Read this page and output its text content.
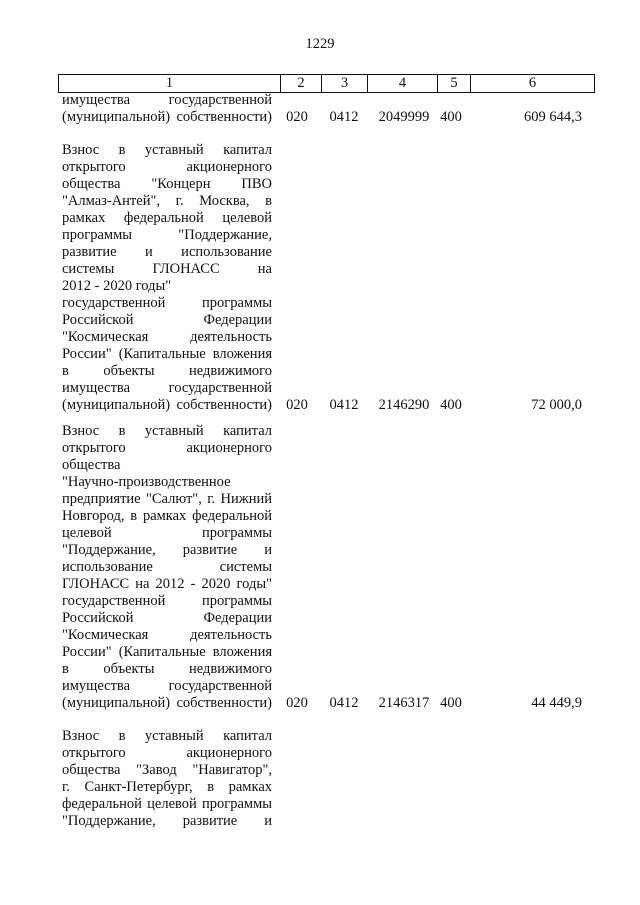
1229
1	2	3	4	5	6
имущества государственной
(муниципальной) собственности) 020	0412	2049999 400	609 644,3
Взнос в уставный капитал
открытого акционерного
общества "Концерн ПВО
"Алмаз-Антей", г. Москва, в
рамках федеральной целевой
программы "Поддержание,
развитие и использование
системы ГЛОНАСС на
2012 - 2020 годы"
государственной программы
Российской Федерации
"Космическая деятельность
России" (Капитальные вложения
в объекты недвижимого
имущества государственной
(муниципальной) собственности) 020	0412	2146290 400	72 000,0
Взнос в уставный капитал
открытого акционерного
общества
"Научно-производственное
предприятие "Салют", г. Нижний
Новгород, в рамках федеральной
целевой программы
"Поддержание, развитие и
использование системы
ГЛОНАСС на 2012 - 2020 годы"
государственной программы
Российской Федерации
"Космическая деятельность
России" (Капитальные вложения
в объекты недвижимого
имущества государственной
(муниципальной) собственности) 020	0412	2146317 400	44 449,9
Взнос в уставный капитал
открытого акционерного
общества "Завод "Навигатор",
г. Санкт-Петербург, в рамках
федеральной целевой программы
"Поддержание, развитие и
